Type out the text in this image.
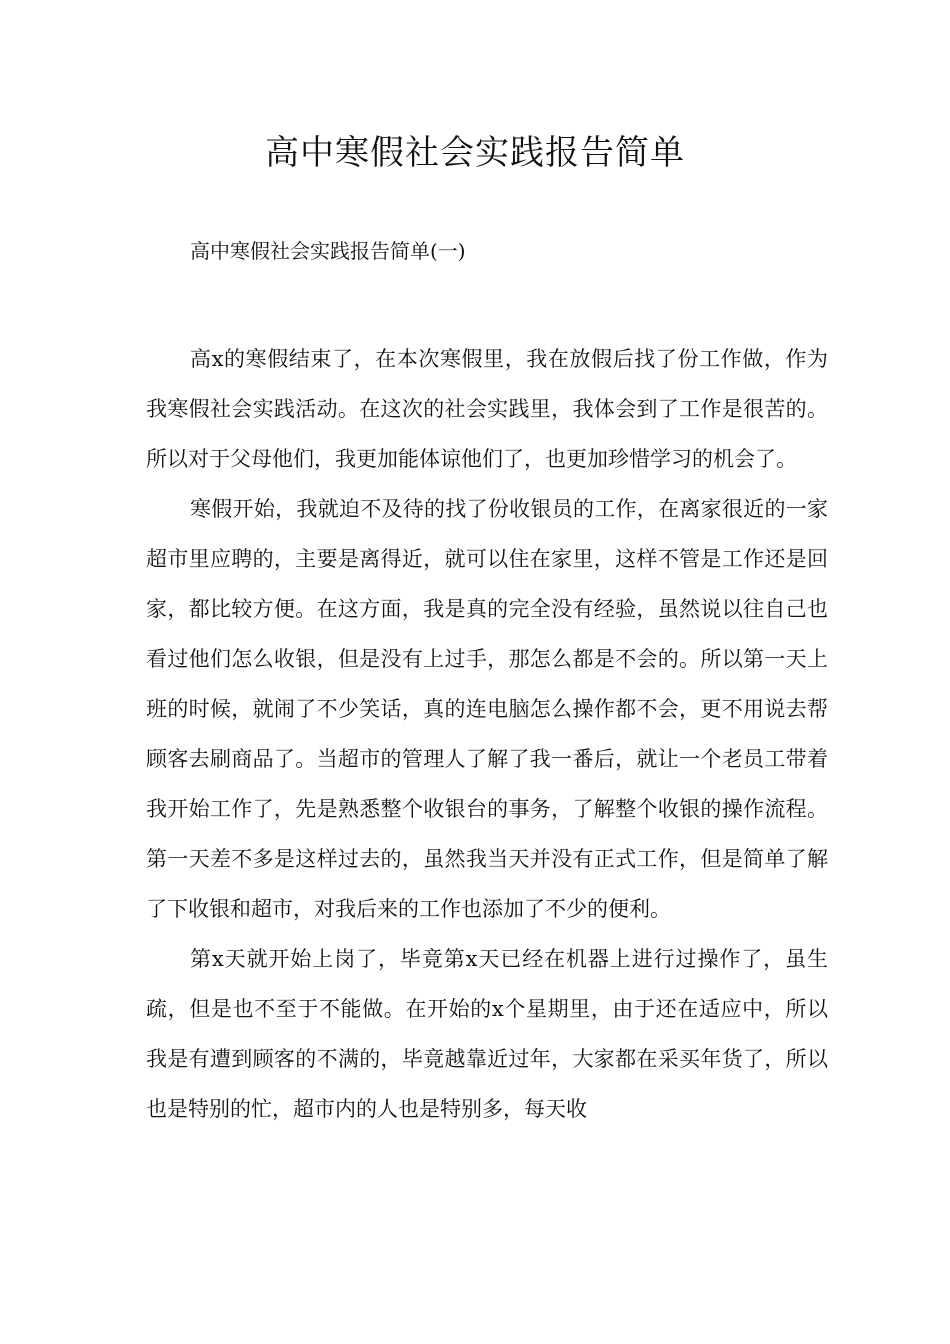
高中寒假社会实践报告简单

高中寒假社会实践报告简单(一)

高x的寒假结束了，在本次寒假里，我在放假后找了份工作做，作为我寒假社会实践活动。在这次的社会实践里，我体会到了工作是很苦的。所以对于父母他们，我更加能体谅他们了，也更加珍惜学习的机会了。

寒假开始，我就迫不及待的找了份收银员的工作，在离家很近的一家超市里应聘的，主要是离得近，就可以住在家里，这样不管是工作还是回家，都比较方便。在这方面，我是真的完全没有经验，虽然说以往自己也看过他们怎么收银，但是没有上过手，那怎么都是不会的。所以第一天上班的时候，就闹了不少笑话，真的连电脑怎么操作都不会，更不用说去帮顾客去刷商品了。当超市的管理人了解了我一番后，就让一个老员工带着我开始工作了，先是熟悉整个收银台的事务，了解整个收银的操作流程。第一天差不多是这样过去的，虽然我当天并没有正式工作，但是简单了解了下收银和超市，对我后来的工作也添加了不少的便利。

第x天就开始上岗了，毕竟第x天已经在机器上进行过操作了，虽生疏，但是也不至于不能做。在开始的x个星期里，由于还在适应中，所以我是有遭到顾客的不满的，毕竟越靠近过年，大家都在采买年货了，所以也是特别的忙，超市内的人也是特别多，每天收
